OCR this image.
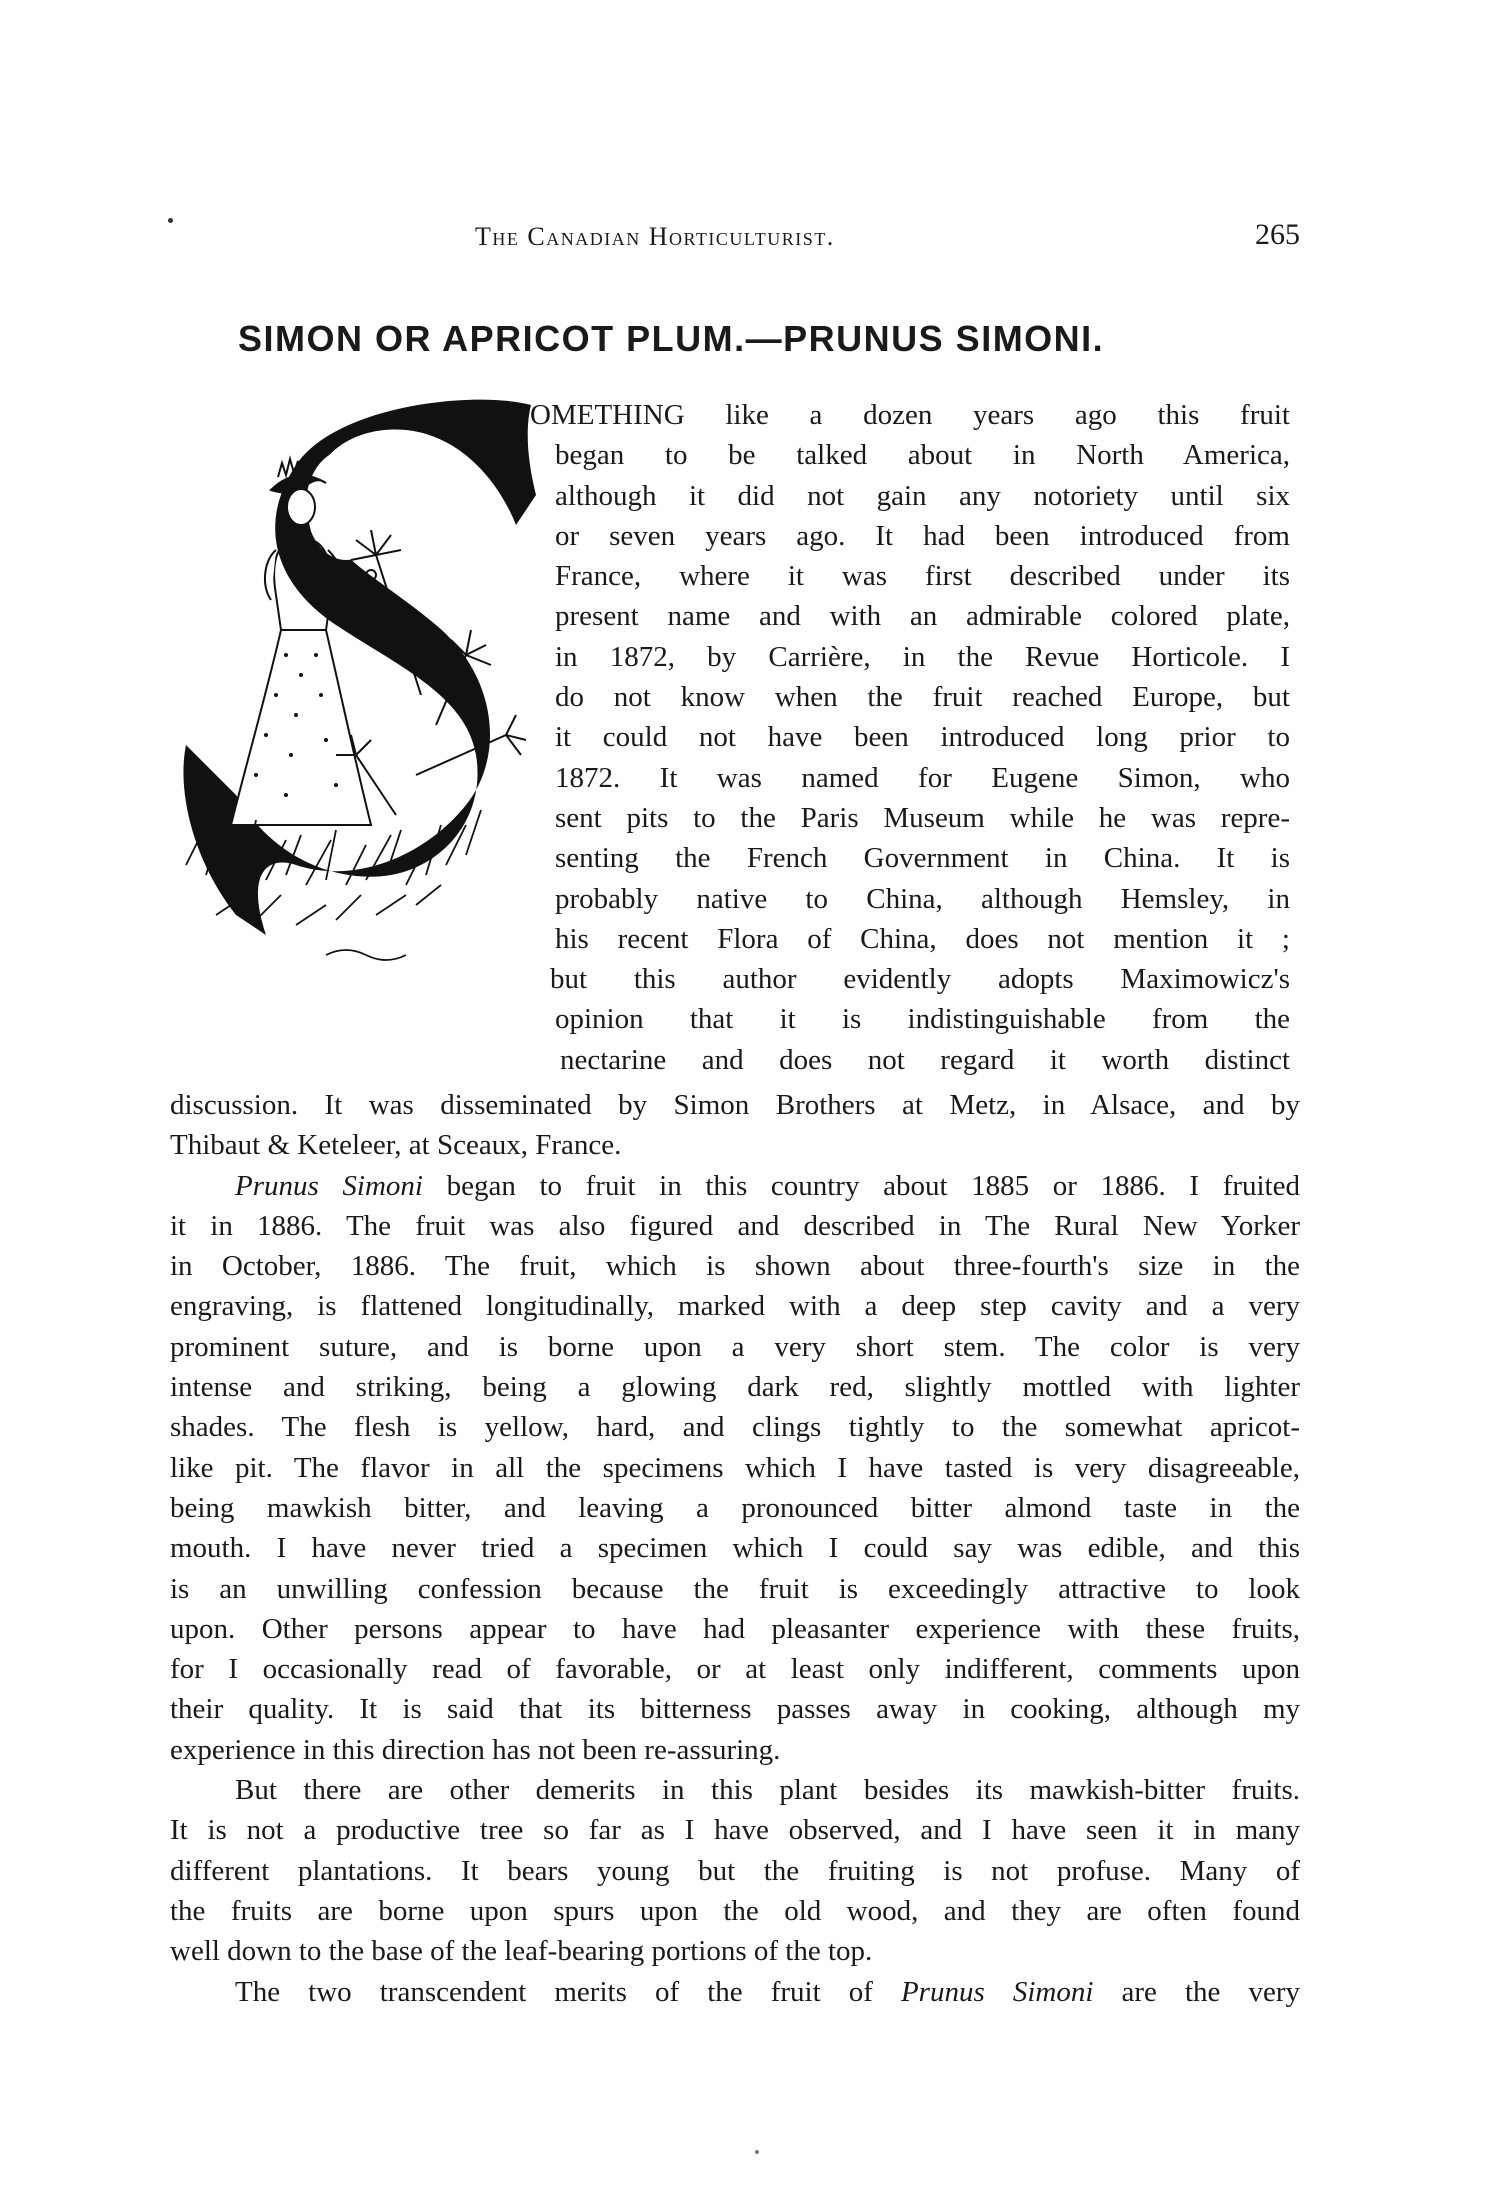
The Canadian Horticulturist.	265
SIMON OR APRICOT PLUM.—PRUNUS SIMONI.
OMETHING like a dozen years ago this fruit
began to be talked about in North America,
although it did not gain any notoriety until six
or seven years ago. It had been introduced from
France, where it was first described under its
present name and with an admirable colored plate,
in 1872, by Carrière, in the Revue Horticole. I
do not know when the fruit reached Europe, but
it could not have been introduced long prior to
1872. It was named for Eugene Simon, who
sent pits to the Paris Museum while he was repre-
senting the French Government in China. It is
probably native to China, although Hemsley, in
his recent Flora of China, does not mention it ;
but this author evidently adopts Maximowicz's
opinion that it is indistinguishable from the
nectarine and does not regard it worth distinct
discussion. It was disseminated by Simon Brothers at Metz, in Alsace, and by
Thibaut & Keteleer, at Sceaux, France.
Prunus Simoni began to fruit in this country about 1885 or 1886. I fruited
it in 1886. The fruit was also figured and described in The Rural New Yorker
in October, 1886. The fruit, which is shown about three-fourth's size in the
engraving, is flattened longitudinally, marked with a deep step cavity and a very
prominent suture, and is borne upon a very short stem. The color is very
intense and striking, being a glowing dark red, slightly mottled with lighter
shades. The flesh is yellow, hard, and clings tightly to the somewhat apricot-
like pit. The flavor in all the specimens which I have tasted is very disagreeable,
being mawkish bitter, and leaving a pronounced bitter almond taste in the
mouth. I have never tried a specimen which I could say was edible, and this
is an unwilling confession because the fruit is exceedingly attractive to look
upon. Other persons appear to have had pleasanter experience with these fruits,
for I occasionally read of favorable, or at least only indifferent, comments upon
their quality. It is said that its bitterness passes away in cooking, although my
experience in this direction has not been re-assuring.
But there are other demerits in this plant besides its mawkish-bitter fruits.
It is not a productive tree so far as I have observed, and I have seen it in many
different plantations. It bears young but the fruiting is not profuse. Many of
the fruits are borne upon spurs upon the old wood, and they are often found
well down to the base of the leaf-bearing portions of the top.
The two transcendent merits of the fruit of Prunus Simoni are the very
